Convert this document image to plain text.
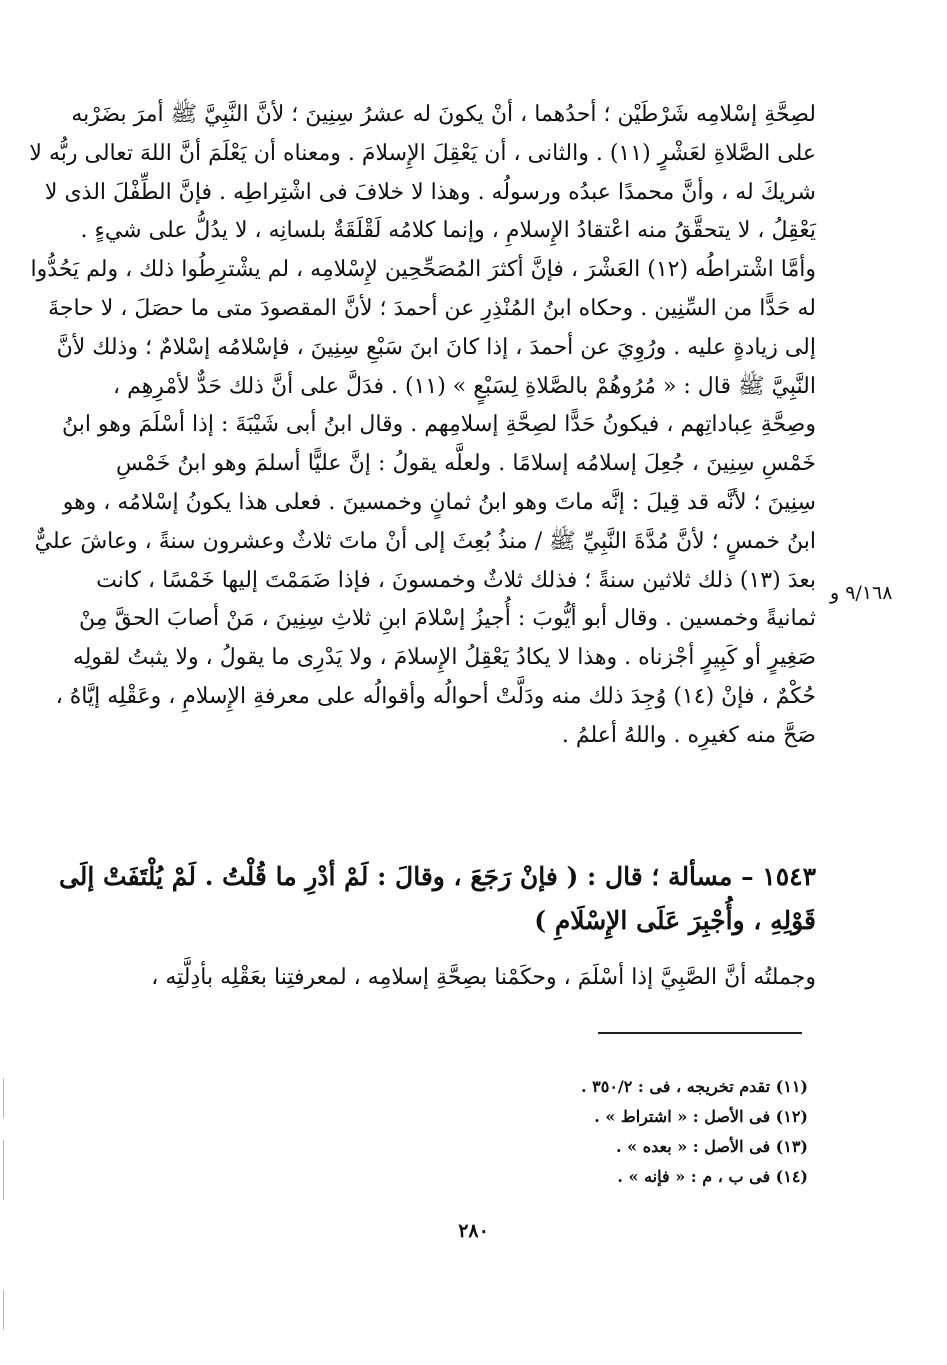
لصِحَّةِ إسْلامِه شَرْطَيْن ؛ أحدُهما ، أنْ يكونَ له عشرُ سِنِينَ ؛ لأنَّ النَّبِيَّ ﷺ أمرَ بضَرْبه
على الصَّلاةِ لعَشْرٍ (١١) . والثانى ، أن يَعْقِلَ الإِسلامَ . ومعناه أن يَعْلَمَ أنَّ اللهَ تعالى ربُّه لا
شريكَ له ، وأنَّ محمدًا عبدُه ورسولُه . وهذا لا خلافَ فى اشْتِراطِه . فإنَّ الطِّفْلَ الذى لا
يَعْقِلُ ، لا يتحقَّقُ منه اعْتقادُ الإِسلامِ ، وإنما كلامُه لَقْلَقَةٌ بلسانِه ، لا يدُلُّ على شيءٍ .
وأمَّا اشْتراطُه (١٢) العَشْرَ ، فإنَّ أكثرَ المُصَحِّحِين لإِسْلامِه ، لم يشْترِطُوا ذلك ، ولم يَحُدُّوا
له حَدًّا من السِّنِين . وحكاه ابنُ المُنْذِرِ عن أحمدَ ؛ لأنَّ المقصودَ متى ما حصَلَ ، لا حاجةَ
إلى زيادةٍ عليه . ورُوِيَ عن أحمدَ ، إذا كانَ ابنَ سَبْعِ سِنِينَ ، فإسْلامُه إسْلامٌ ؛ وذلك لأنَّ
النَّبِيَّ ﷺ قال : « مُرُوهُمْ بالصَّلاةِ لِسَبْعٍ » (١١) . فدَلَّ على أنَّ ذلك حَدٌّ لأمْرِهِم ،
وصِحَّةِ عِباداتِهم ، فيكونُ حَدًّا لصِحَّةِ إسلامِهم . وقال ابنُ أبى شَيْبَةَ : إذا أسْلَمَ وهو ابنُ
خَمْسِ سِنِينَ ، جُعِلَ إسلامُه إسلامًا . ولعلَّه يقولُ : إنَّ عليًّا أسلمَ وهو ابنُ خَمْسِ
سِنِينَ ؛ لأنَّه قد قِيلَ : إنَّه ماتَ وهو ابنُ ثمانٍ وخمسينَ . فعلى هذا يكونُ إسْلامُه ، وهو
ابنُ خمسٍ ؛ لأنَّ مُدَّةَ النَّبِيِّ ﷺ / منذُ بُعِثَ إلى أنْ ماتَ ثلاثٌ وعشرون سنةً ، وعاشَ عليٌّ
بعدَ (١٣) ذلك ثلاثين سنةً ؛ فذلك ثلاثٌ وخمسونَ ، فإذا ضَمَمْتَ إليها خَمْسًا ، كانت
ثمانيةً وخمسين . وقال أبو أيُّوبَ : أُجيزُ إسْلامَ ابنِ ثلاثِ سِنِينَ ، مَنْ أصابَ الحقَّ مِنْ
صَغِيرٍ أو كَبِيرٍ أجْزناه . وهذا لا يكادُ يَعْقِلُ الإِسلامَ ، ولا يَدْرِى ما يقولُ ، ولا يثبتُ لقولِه
حُكْمٌ ، فإنْ (١٤) وُجِدَ ذلك منه ودَلَّتْ أحوالُه وأقوالُه على معرفةِ الإِسلامِ ، وعَقْلِه إيَّاهُ ،
صَحَّ منه كغيرِه . واللهُ أعلمُ .
٩/١٦٨ و
١٥٤٣ – مسألة ؛ قال : ( فإنْ رَجَعَ ، وقالَ : لَمْ أدْرِ ما قُلْتُ . لَمْ يُلْتَفَتْ إلَى
قَوْلِهِ ، وأُجْبِرَ عَلَى الإِسْلَامِ )
وجملتُه أنَّ الصَّبِيَّ إذا أسْلَمَ ، وحكَمْنا بصِحَّةِ إسلامِه ، لمعرفتِنا بعَقْلِه بأدِلَّتِه ،
(١١) تقدم تخريجه ، فى : ٣٥٠/٢ .
(١٢) فى الأصل : « اشتراط » .
(١٣) فى الأصل : « بعده » .
(١٤) فى ب ، م : « فإنه » .
٢٨٠
